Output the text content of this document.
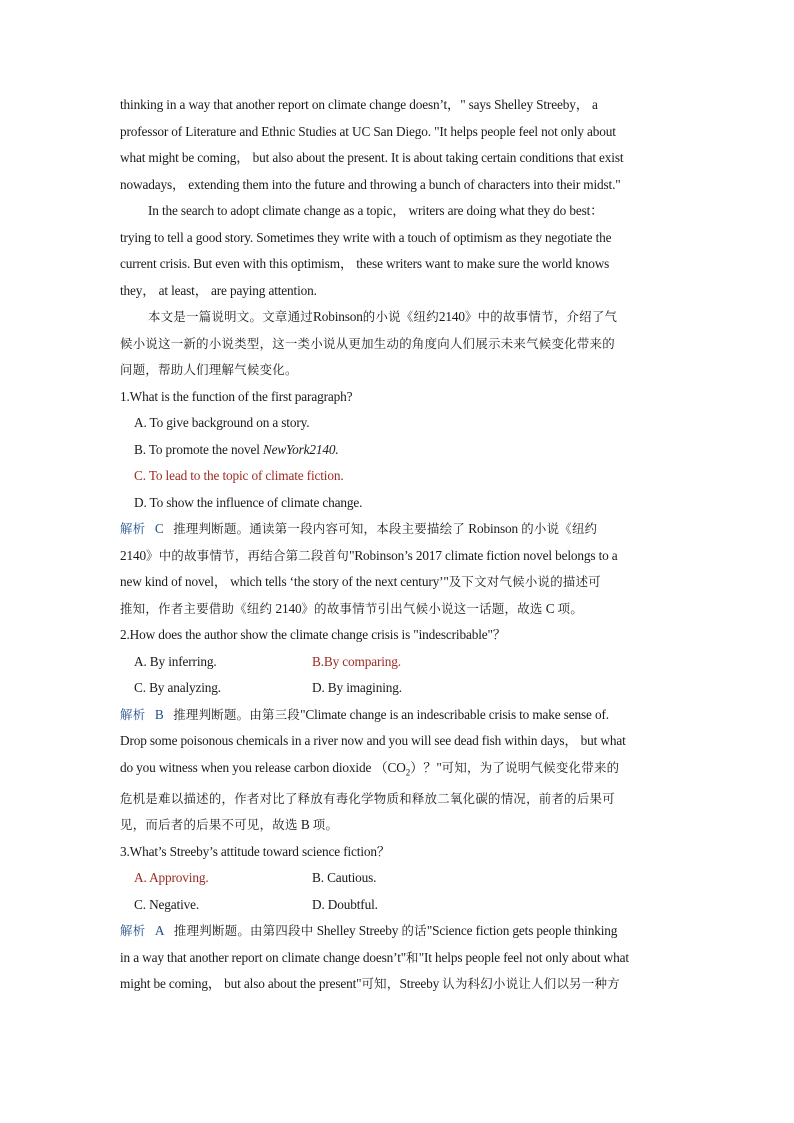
thinking in a way that another report on climate change doesn’t，" says Shelley Streeby， a
professor of Literature and Ethnic Studies at UC San Diego. "It helps people feel not only about
what might be coming， but also about the present. It is about taking certain conditions that exist
nowadays， extending them into the future and throwing a bunch of characters into their midst."
In the search to adopt climate change as a topic， writers are doing what they do best：
trying to tell a good story. Sometimes they write with a touch of optimism as they negotiate the
current crisis. But even with this optimism， these writers want to make sure the world knows
they， at least， are paying attention.
本文是一篇说明文。文章通过Robinson的小说《纽约2140》中的故事情节，介绍了气
候小说这一新的小说类型，这一类小说从更加生动的角度向人们展示未来气候变化带来的
问题，帮助人们理解气候变化。
1.What is the function of the first paragraph?
A. To give background on a story.
B. To promote the novel NewYork2140.
C. To lead to the topic of climate fiction.
D. To show the influence of climate change.
解析 C 推理判断题。通读第一段内容可知，本段主要描绘了 Robinson 的小说《纽约
2140》中的故事情节，再结合第二段首句"Robinson’s 2017 climate fiction novel belongs to a
new kind of novel， which tells ‘the story of the next century’"及下文对气候小说的描述可
推知，作者主要借助《纽约 2140》的故事情节引出气候小说这一话题，故选 C 项。
2.How does the author show the climate change crisis is "indescribable"？
A. By inferring.	B.By comparing.
C. By analyzing.	D. By imagining.
解析 B 推理判断题。由第三段"Climate change is an indescribable crisis to make sense of.
Drop some poisonous chemicals in a river now and you will see dead fish within days， but what
do you witness when you release carbon dioxide $(CO_2)$？"可知，为了说明气候变化带来的
危机是难以描述的，作者对比了释放有毒化学物质和释放二氧化碳的情况，前者的后果可
见，而后者的后果不可见，故选 B 项。
3.What’s Streeby’s attitude toward science fiction？
A. Approving.	B. Cautious.
C. Negative.	D. Doubtful.
解析 A 推理判断题。由第四段中 Shelley Streeby 的话"Science fiction gets people thinking
in a way that another report on climate change doesn’t"和"It helps people feel not only about what
might be coming， but also about the present"可知，Streeby 认为科幻小说让人们以另一种方
